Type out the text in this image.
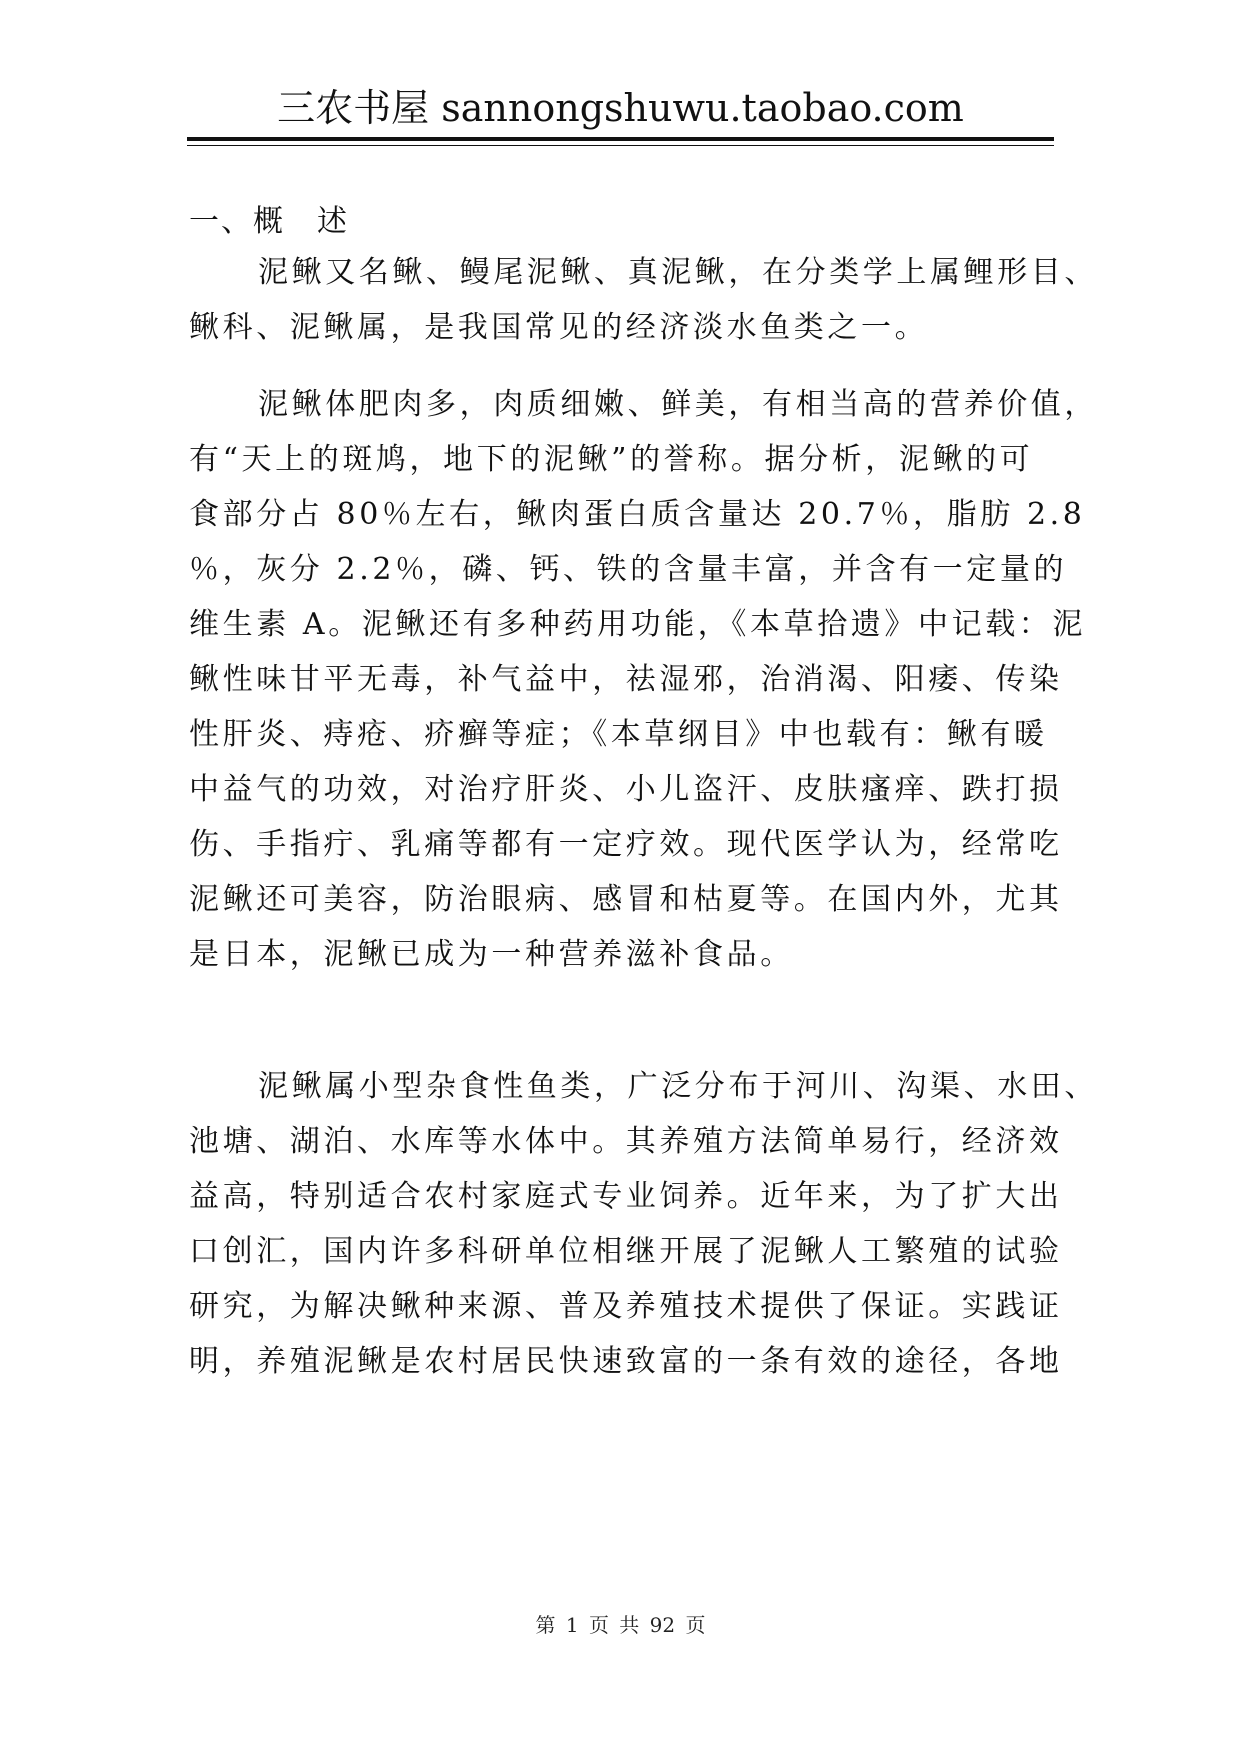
三农书屋 sannongshuwu.taobao.com
一、概　述
泥鳅又名鳅、鳗尾泥鳅、真泥鳅，在分类学上属鲤形目、
鳅科、泥鳅属，是我国常见的经济淡水鱼类之一。
泥鳅体肥肉多，肉质细嫩、鲜美，有相当高的营养价值，
有“天上的斑鸠，地下的泥鳅”的誉称。据分析，泥鳅的可
食部分占 80％左右，鳅肉蛋白质含量达 20.7％，脂肪 2.8
％，灰分 2.2％，磷、钙、铁的含量丰富，并含有一定量的
维生素 A。泥鳅还有多种药用功能，《本草拾遗》中记载：泥
鳅性味甘平无毒，补气益中，祛湿邪，治消渴、阳痿、传染
性肝炎、痔疮、疥癣等症；《本草纲目》中也载有：鳅有暖
中益气的功效，对治疗肝炎、小儿盗汗、皮肤瘙痒、跌打损
伤、手指疔、乳痛等都有一定疗效。现代医学认为，经常吃
泥鳅还可美容，防治眼病、感冒和枯夏等。在国内外，尤其
是日本，泥鳅已成为一种营养滋补食品。
泥鳅属小型杂食性鱼类，广泛分布于河川、沟渠、水田、
池塘、湖泊、水库等水体中。其养殖方法简单易行，经济效
益高，特别适合农村家庭式专业饲养。近年来，为了扩大出
口创汇，国内许多科研单位相继开展了泥鳅人工繁殖的试验
研究，为解决鳅种来源、普及养殖技术提供了保证。实践证
明，养殖泥鳅是农村居民快速致富的一条有效的途径，各地
第 1 页 共 92 页
